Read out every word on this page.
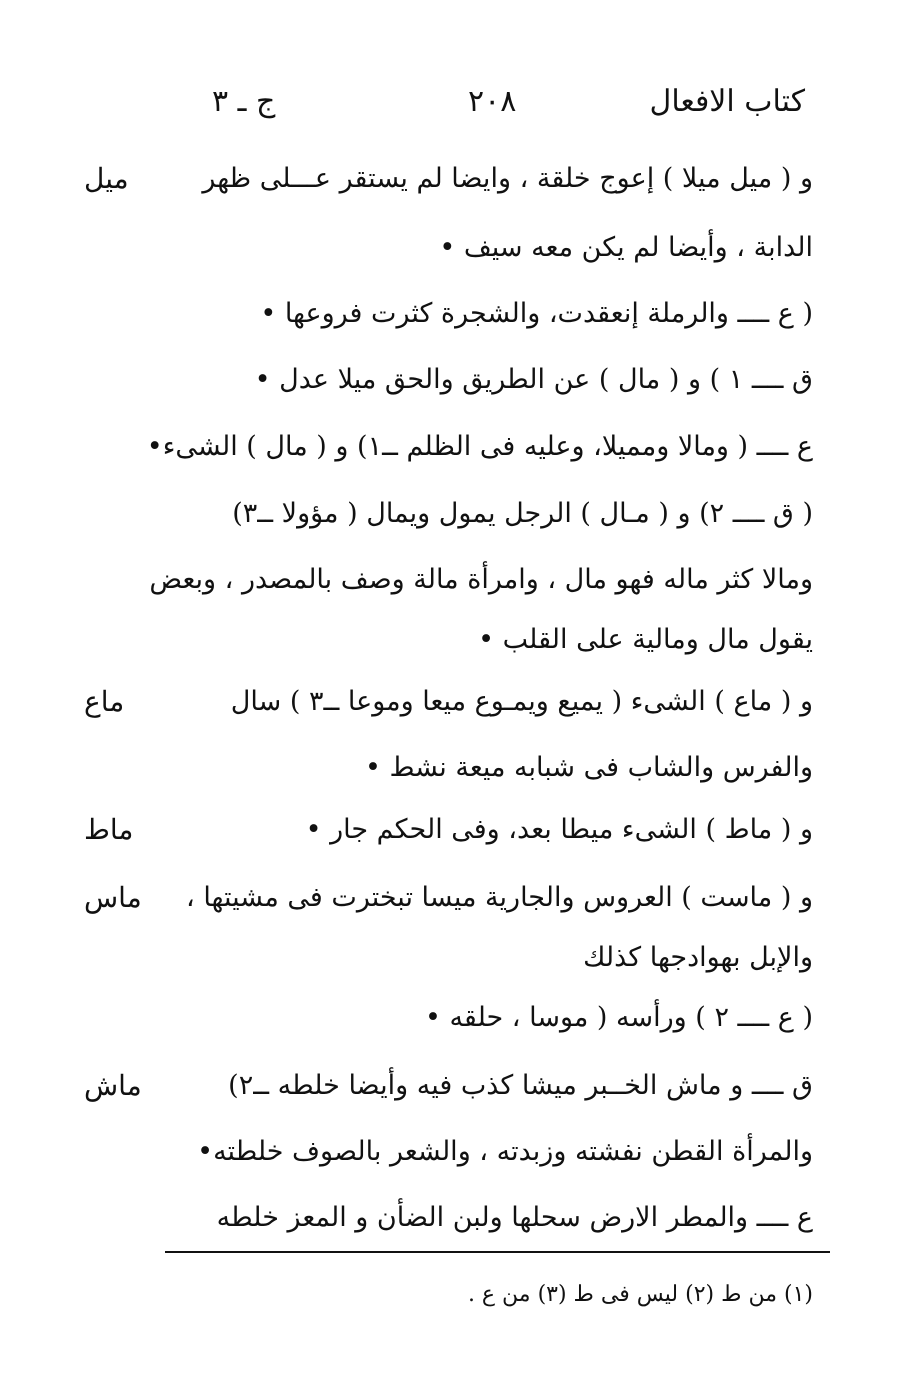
كتاب الافعال
٢٠٨
ج ـ ٣
ميل
ماع
ماط
ماس
ماش
و ( ميل ميلا ) إعوج خلقة ، وايضا لم يستقر عـــلى ظهر
الدابة ، وأيضا لم يكن معه سيف •
( ع ــــ والرملة إنعقدت، والشجرة كثرت فروعها •
ق ــــ ١ ) و ( مال ) عن الطريق والحق ميلا عدل •
ع ــــ ( ومالا ومميلا، وعليه فى الظلم ــ١) و ( مال ) الشىء•
( ق ــــ ٢) و ( مـال ) الرجل يمول ويمال ( مؤولا ــ٣)
ومالا كثر ماله فهو مال ، وامرأة مالة وصف بالمصدر ، وبعض
يقول مال ومالية على القلب •
و ( ماع ) الشىء ( يميع ويمـوع ميعا وموعا ــ٣ ) سال
والفرس والشاب فى شبابه ميعة نشط •
و ( ماط ) الشىء ميطا بعد، وفى الحكم جار •
و ( ماست ) العروس والجارية ميسا تبخترت فى مشيتها ،
والإبل بهوادجها كذلك
( ع ــــ ٢ ) ورأسه ( موسا ، حلقه •
ق ــــ و ماش الخــبر ميشا كذب فيه وأيضا خلطه ــ٢)
والمرأة القطن نفشته وزبدته ، والشعر بالصوف خلطته•
ع ــــ والمطر الارض سحلها ولبن الضأن و المعز خلطه
(١) من ط (٢) ليس فى ط (٣) من ع .
